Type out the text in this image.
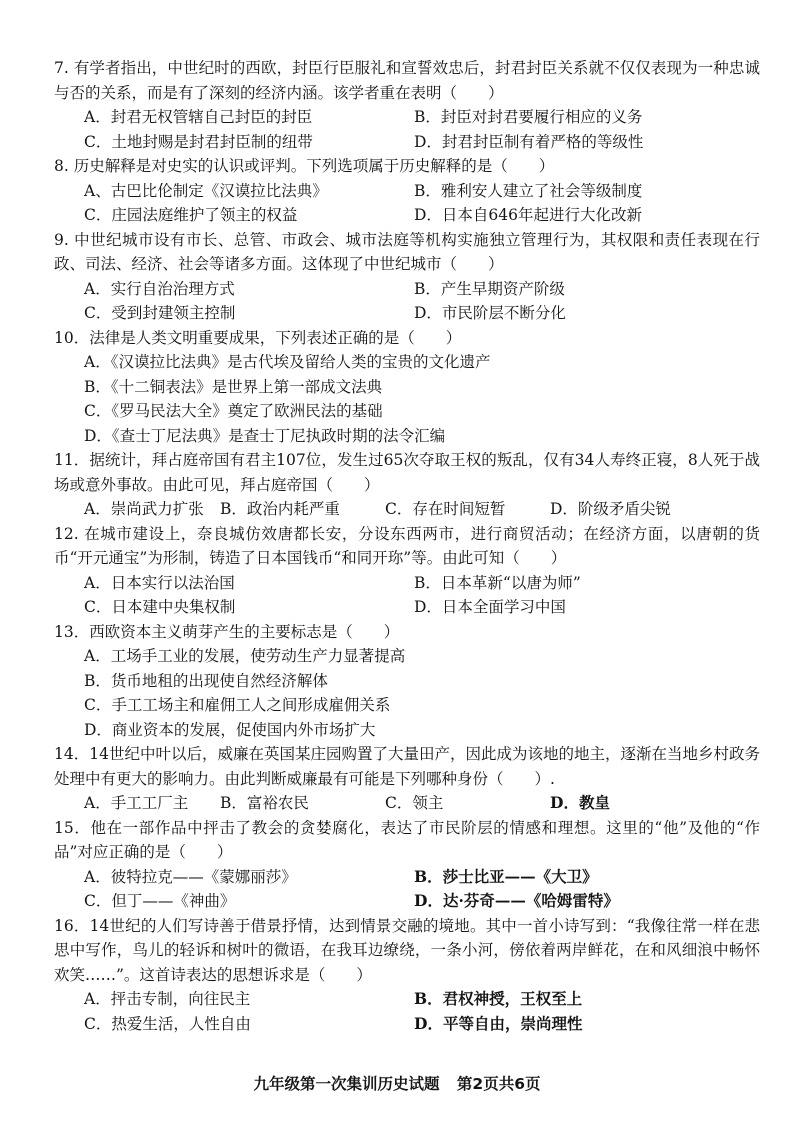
7. 有学者指出，中世纪时的西欧，封臣行臣服礼和宣誓效忠后，封君封臣关系就不仅仅表现为一种忠诚与否的关系，而是有了深刻的经济内涵。该学者重在表明（　　）
A．封君无权管辖自己封臣的封臣	B．封臣对封君要履行相应的义务
C．土地封赐是封君封臣制的纽带	D．封君封臣制有着严格的等级性
8. 历史解释是对史实的认识或评判。下列选项属于历史解释的是（　　）
A、古巴比伦制定《汉谟拉比法典》	B．雅利安人建立了社会等级制度
C．庄园法庭维护了领主的权益	D．日本自646年起进行大化改新
9. 中世纪城市设有市长、总管、市政会、城市法庭等机构实施独立管理行为，其权限和责任表现在行政、司法、经济、社会等诸多方面。这体现了中世纪城市（　　）
A．实行自治治理方式	B．产生早期资产阶级
C．受到封建领主控制	D．市民阶层不断分化
10．法律是人类文明重要成果，下列表述正确的是（　　）
A．《汉谟拉比法典》是古代埃及留给人类的宝贵的文化遗产
B．《十二铜表法》是世界上第一部成文法典
C．《罗马民法大全》奠定了欧洲民法的基础
D．《查士丁尼法典》是查士丁尼执政时期的法令汇编
11．据统计，拜占庭帝国有君主107位，发生过65次夺取王权的叛乱，仅有34人寿终正寝，8人死于战场或意外事故。由此可见，拜占庭帝国（　　）
A．崇尚武力扩张	B．政治内耗严重	C．存在时间短暂	D．阶级矛盾尖锐
12. 在城市建设上，奈良城仿效唐都长安，分设东西两市，进行商贸活动；在经济方面，以唐朝的货币“开元通宝”为形制，铸造了日本国钱币“和同开珎”等。由此可知（　　）
A．日本实行以法治国	B．日本革新“以唐为师”
C．日本建中央集权制	D．日本全面学习中国
13．西欧资本主义萌芽产生的主要标志是（　　）
A．工场手工业的发展，使劳动生产力显著提高
B．货币地租的出现使自然经济解体
C．手工工场主和雇佣工人之间形成雇佣关系
D．商业资本的发展，促使国内外市场扩大
14．14世纪中叶以后，威廉在英国某庄园购置了大量田产，因此成为该地的地主，逐渐在当地乡村政务处理中有更大的影响力。由此判断威廉最有可能是下列哪种身份（　　）.
A．手工工厂主	B．富裕农民	C．领主	D．教皇
15．他在一部作品中抨击了教会的贪婪腐化，表达了市民阶层的情感和理想。这里的“他”及他的“作品”对应正确的是（　　）
A．彼特拉克——《蒙娜丽莎》	B．莎士比亚——《大卫》
C．但丁——《神曲》	D．达·芬奇——《哈姆雷特》
16．14世纪的人们写诗善于借景抒情，达到情景交融的境地。其中一首小诗写到：“我像往常一样在悲思中写作，鸟儿的轻诉和树叶的微语，在我耳边缭绕，一条小河，傍依着两岸鲜花，在和风细浪中畅怀欢笑……”。这首诗表达的思想诉求是（　　）
A．抨击专制，向往民主	B．君权神授，王权至上
C．热爱生活，人性自由	D．平等自由，崇尚理性
九年级第一次集训历史试题 第2页共6页
